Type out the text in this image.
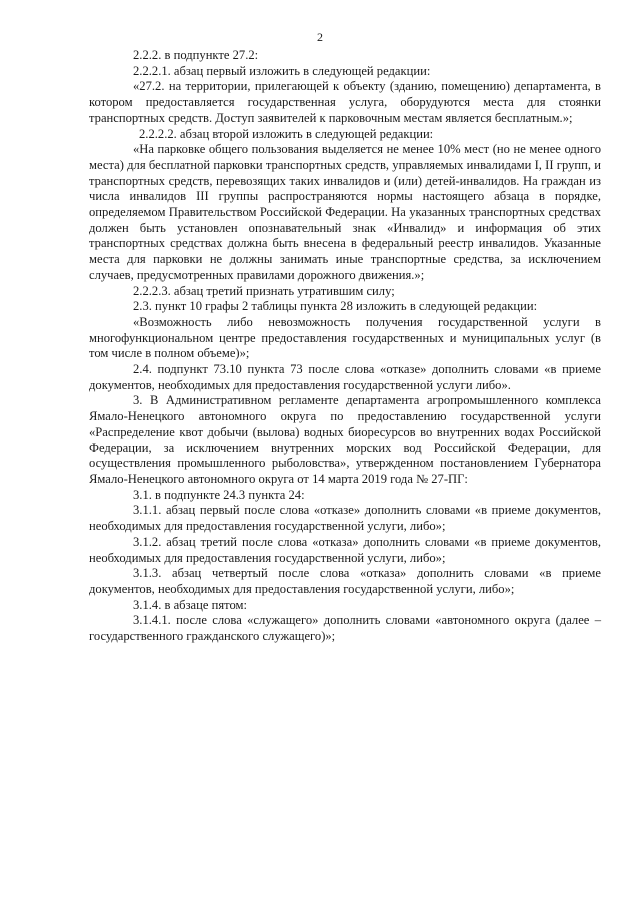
2

2.2.2. в подпункте 27.2:

2.2.2.1. абзац первый изложить в следующей редакции:

«27.2. на территории, прилегающей к объекту (зданию, помещению) департамента, в котором предоставляется государственная услуга, оборудуются места для стоянки транспортных средств. Доступ заявителей к парковочным местам является бесплатным.»;

2.2.2.2. абзац второй изложить в следующей редакции:

«На парковке общего пользования выделяется не менее 10% мест (но не менее одного места) для бесплатной парковки транспортных средств, управляемых инвалидами I, II групп, и транспортных средств, перевозящих таких инвалидов и (или) детей-инвалидов. На граждан из числа инвалидов III группы распространяются нормы настоящего абзаца в порядке, определяемом Правительством Российской Федерации. На указанных транспортных средствах должен быть установлен опознавательный знак «Инвалид» и информация об этих транспортных средствах должна быть внесена в федеральный реестр инвалидов. Указанные места для парковки не должны занимать иные транспортные средства, за исключением случаев, предусмотренных правилами дорожного движения.»;

2.2.2.3. абзац третий признать утратившим силу;

2.3. пункт 10 графы 2 таблицы пункта 28 изложить в следующей редакции:

«Возможность либо невозможность получения государственной услуги в многофункциональном центре предоставления государственных и муниципальных услуг (в том числе в полном объеме)»;

2.4. подпункт 73.10 пункта 73 после слова «отказе» дополнить словами «в приеме документов, необходимых для предоставления государственной услуги либо».

3. В Административном регламенте департамента агропромышленного комплекса Ямало-Ненецкого автономного округа по предоставлению государственной услуги «Распределение квот добычи (вылова) водных биоресурсов во внутренних водах Российской Федерации, за исключением внутренних морских вод Российской Федерации, для осуществления промышленного рыболовства», утвержденном постановлением Губернатора Ямало-Ненецкого автономного округа от 14 марта 2019 года № 27-ПГ:

3.1. в подпункте 24.3 пункта 24:

3.1.1. абзац первый после слова «отказе» дополнить словами «в приеме документов, необходимых для предоставления государственной услуги, либо»;

3.1.2. абзац третий после слова «отказа» дополнить словами «в приеме документов, необходимых для предоставления государственной услуги, либо»;

3.1.3. абзац четвертый после слова «отказа» дополнить словами «в приеме документов, необходимых для предоставления государственной услуги, либо»;

3.1.4. в абзаце пятом:

3.1.4.1. после слова «служащего» дополнить словами «автономного округа (далее – государственного гражданского служащего)»;
